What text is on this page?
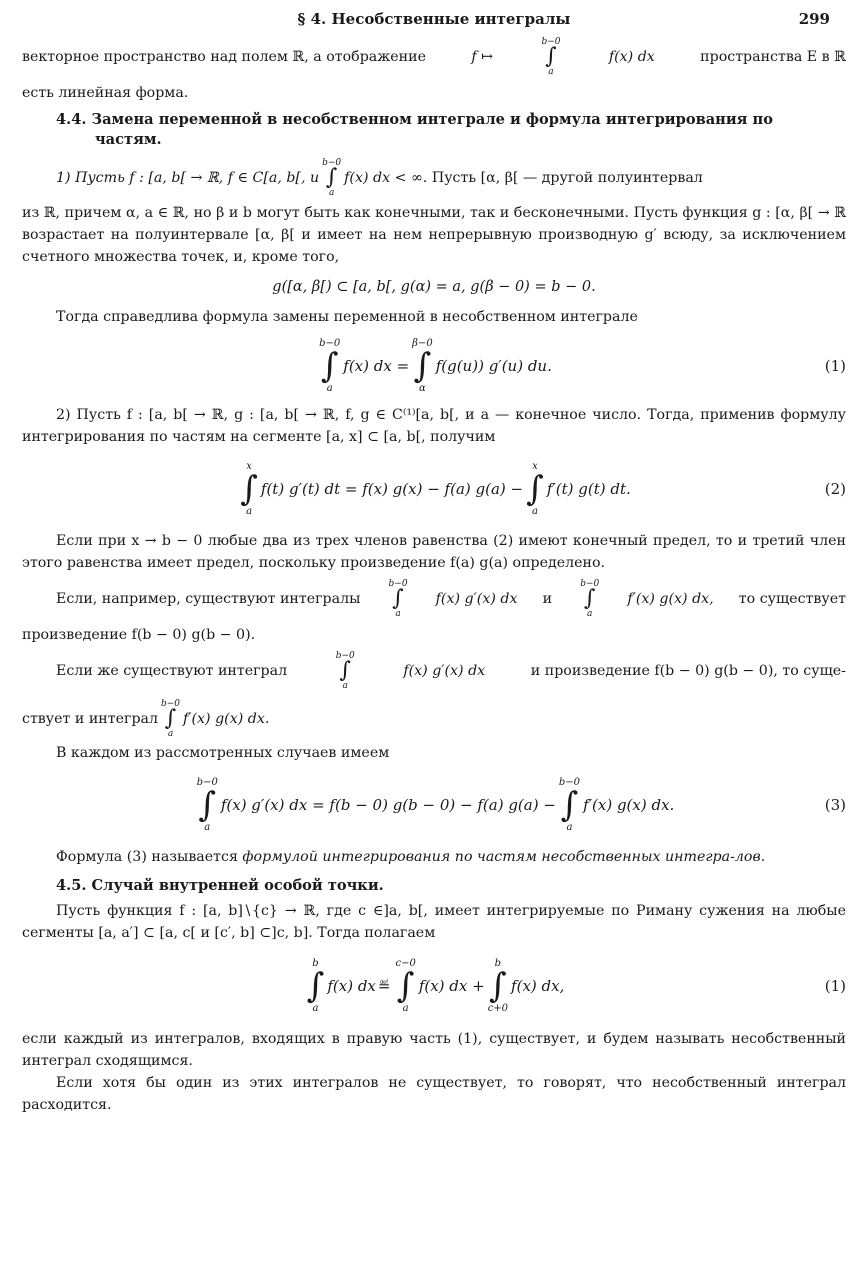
§ 4. Несобственные интегралы	299
векторное пространство над полем ℝ, а отображение	f ↦
b−0
∫
a
f(x) dx	пространства E в ℝ

есть линейная форма.

4.4. Замена переменной в несобственном интеграле и формула интегрирования по
частям.
1) Пусть f : [a, b[ → ℝ, f ∈ C[a, b[, и
b−0
∫
a
f(x) dx < ∞.
Пусть [α, β[ — другой полуинтервал

из ℝ, причем α, a ∈ ℝ, но β и b могут быть как конечными, так и бесконечными. Пусть функция g : [α, β[ → ℝ возрастает на полуинтервале [α, β[ и имеет на нем непрерывную производную g′ всюду, за исключением счетного множества точек, и, кроме того,

g([α, β[) ⊂ [a, b[, g(α) = a, g(β − 0) = b − 0.

Тогда справедлива формула замены переменной в несобственном интеграле

b−0
∫
a
f(x) dx =
β−0
∫
α
f(g(u)) g′(u) du.	(1)

2) Пусть f : [a, b[ → ℝ, g : [a, b[ → ℝ, f, g ∈ C⁽¹⁾[a, b[, и a — конечное число. Тогда, применив формулу интегрирования по частям на сегменте [a, x] ⊂ [a, b[, получим

x
∫
a
f(t) g′(t) dt = f(x) g(x) − f(a) g(a) −
x
∫
a
f′(t) g(t) dt.	(2)

Если при x → b − 0 любые два из трех членов равенства (2) имеют конечный предел, то и третий член этого равенства имеет предел, поскольку произведение f(a) g(a) определено.

Если, например, существуют интегралы
b−0
∫
a
f(x) g′(x) dx и
b−0
∫
a
f′(x) g(x) dx, то существует

произведение f(b − 0) g(b − 0).

Если же существуют интеграл
b−0
∫
a
f(x) g′(x) dx	и произведение f(b − 0) g(b − 0), то суще-
ствует и интеграл
b−0
∫
a
f′(x) g(x) dx.

В каждом из рассмотренных случаев имеем

b−0
∫
a
f(x) g′(x) dx = f(b − 0) g(b − 0) − f(a) g(a) −
b−0
∫
a
f′(x) g(x) dx.	(3)

Формула (3) называется формулой интегрирования по частям несобственных интегра-лов.

4.5. Случай внутренней особой точки.

Пусть функция f : [a, b]∖{c} → ℝ, где c ∈]a, b[, имеет интегрируемые по Риману сужения на любые сегменты [a, a′] ⊂ [a, c[ и [c′, b] ⊂]c, b]. Тогда полагаем

b
∫
a
f(x) dx ≝
c−0
∫
a
f(x) dx +
b
∫
c+0
f(x) dx,	(1)

если каждый из интегралов, входящих в правую часть (1), существует, и будем называть несобственный интеграл сходящимся.

Если хотя бы один из этих интегралов не существует, то говорят, что несобственный интеграл расходится.
